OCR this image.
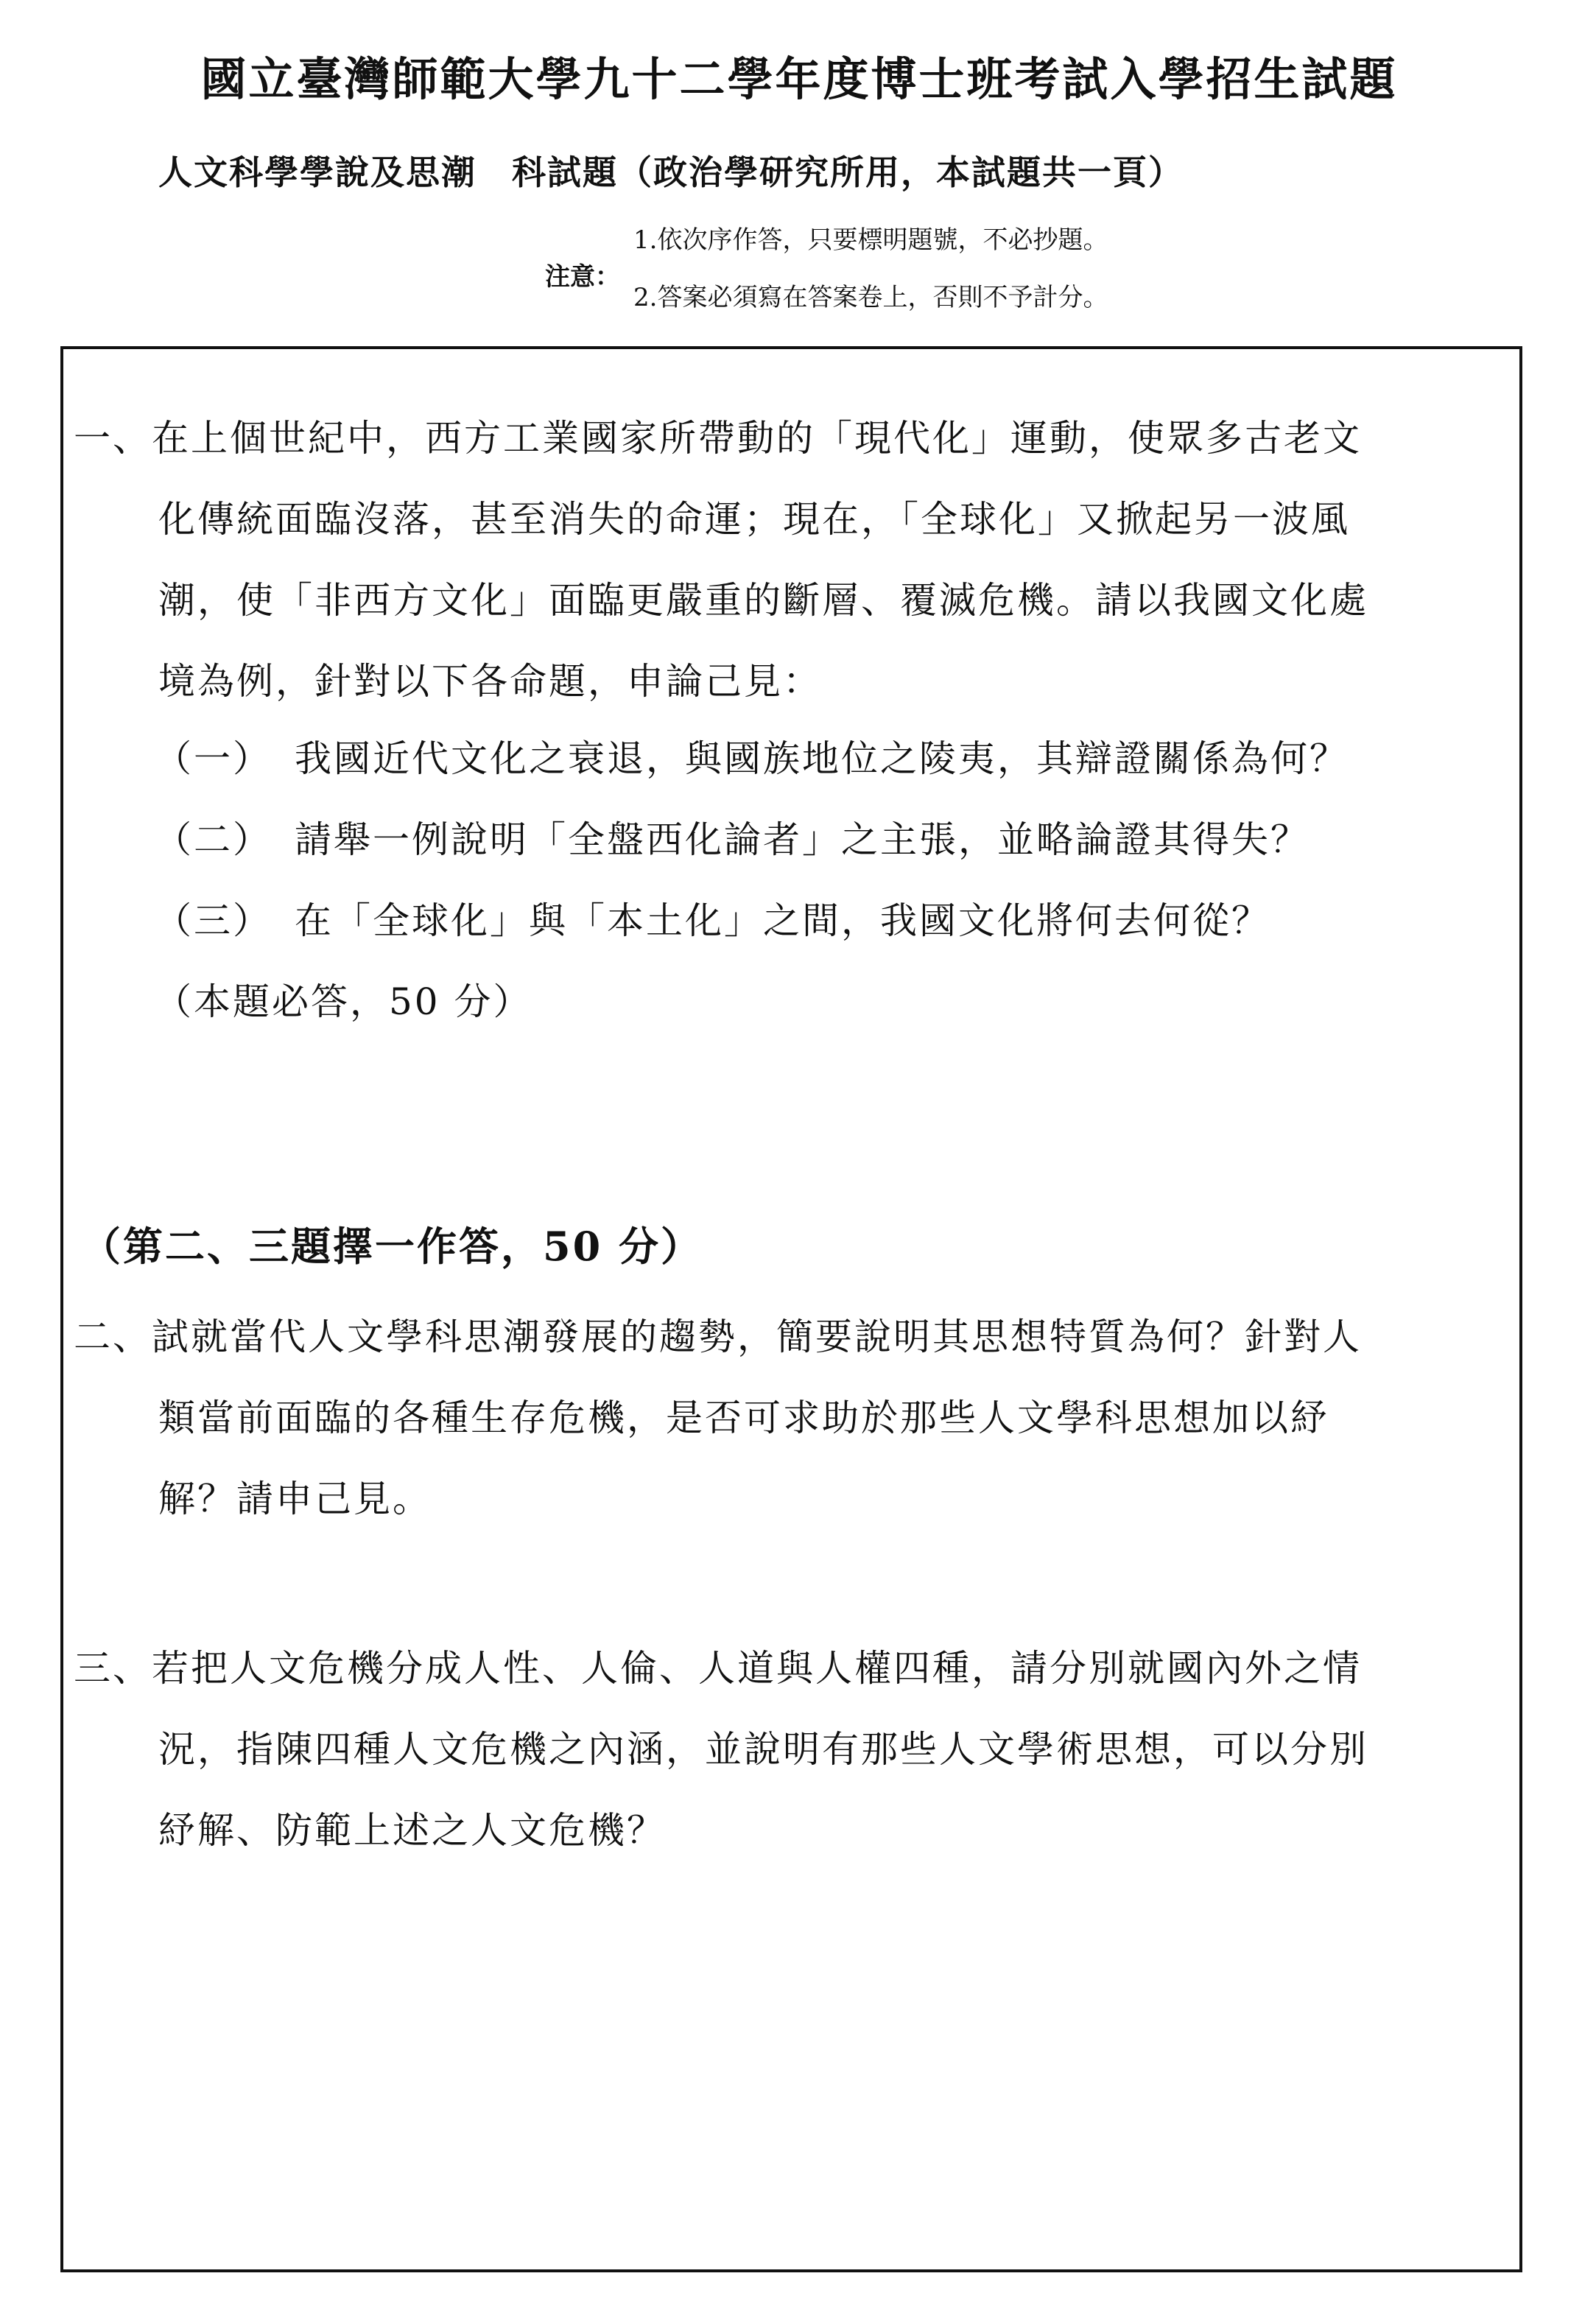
國立臺灣師範大學九十二學年度博士班考試入學招生試題
人文科學學說及思潮　科試題（政治學研究所用，本試題共一頁）
注意：
1.依次序作答，只要標明題號，不必抄題。
2.答案必須寫在答案卷上，否則不予計分。
一、在上個世紀中，西方工業國家所帶動的「現代化」運動，使眾多古老文
化傳統面臨沒落，甚至消失的命運；現在，「全球化」又掀起另一波風
潮，使「非西方文化」面臨更嚴重的斷層、覆滅危機。請以我國文化處
境為例，針對以下各命題，申論己見：
（一） 我國近代文化之衰退，與國族地位之陵夷，其辯證關係為何？
（二） 請舉一例說明「全盤西化論者」之主張，並略論證其得失？
（三） 在「全球化」與「本土化」之間，我國文化將何去何從？
（本題必答，50 分）
（第二、三題擇一作答，50 分）
二、試就當代人文學科思潮發展的趨勢，簡要說明其思想特質為何？針對人
類當前面臨的各種生存危機，是否可求助於那些人文學科思想加以紓
解？請申己見。
三、若把人文危機分成人性、人倫、人道與人權四種，請分別就國內外之情
況，指陳四種人文危機之內涵，並說明有那些人文學術思想，可以分別
紓解、防範上述之人文危機？
